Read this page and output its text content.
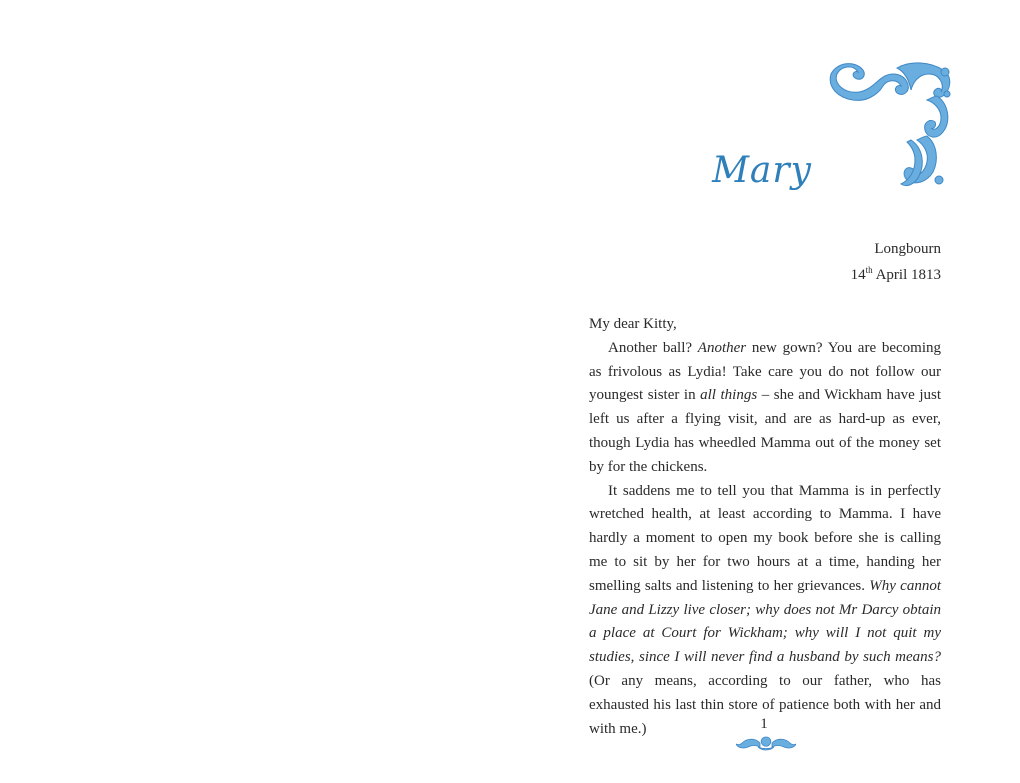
Mary
Longbourn
14th April 1813

My dear Kitty,

Another ball? Another new gown? You are becoming as frivolous as Lydia! Take care you do not follow our youngest sister in all things – she and Wickham have just left us after a flying visit, and are as hard-up as ever, though Lydia has wheedled Mamma out of the money set by for the chickens.

It saddens me to tell you that Mamma is in perfectly wretched health, at least according to Mamma. I have hardly a moment to open my book before she is calling me to sit by her for two hours at a time, handing her smelling salts and listening to her grievances. Why cannot Jane and Lizzy live closer; why does not Mr Darcy obtain a place at Court for Wickham; why will I not quit my studies, since I will never find a husband by such means? (Or any means, according to our father, who has exhausted his last thin store of patience both with her and with me.)	1
